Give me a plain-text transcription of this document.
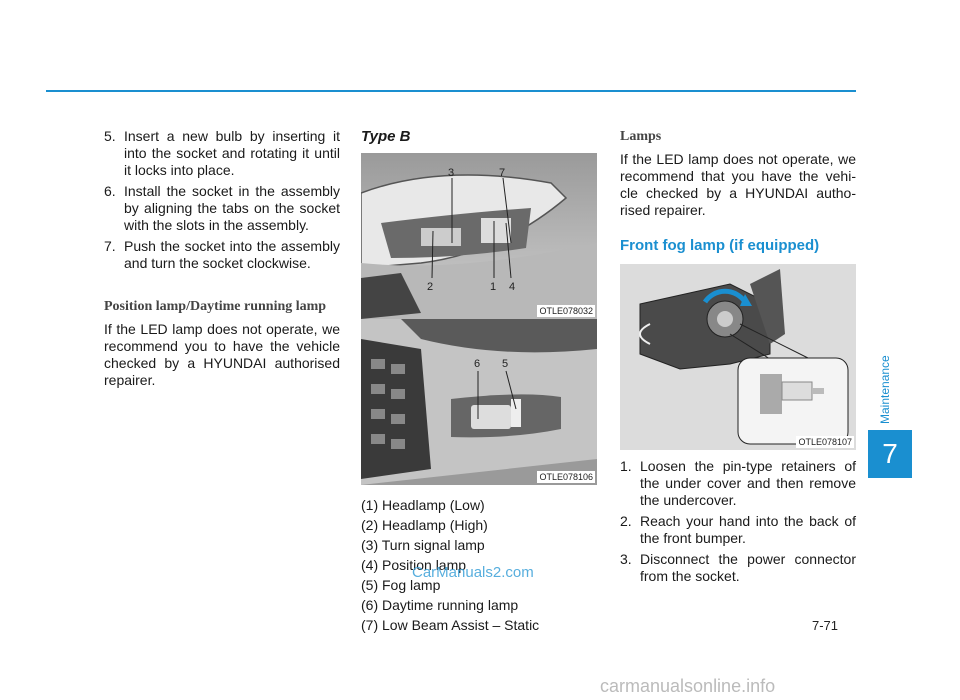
5. Insert a new bulb by inserting it into the socket and rotating it until it locks into place.
6. Install the socket in the assembly by aligning the tabs on the socket with the slots in the assembly.
7. Push the socket into the assembly and turn the socket clockwise.
Position lamp/Daytime running lamp

If the LED lamp does not operate, we recommend you to have the vehicle checked by a HYUNDAI authorised repairer.

Type B
3	7
2	1 4
OTLE078032
6 5
OTLE078106
(1) Headlamp (Low)
(2) Headlamp (High)
(3) Turn signal lamp
(4) Position lamp
(5) Fog lamp
(6) Daytime running lamp
(7) Low Beam Assist – Static
Lamps

If the LED lamp does not operate, we recommend that you have the vehi-cle checked by a HYUNDAI autho-rised repairer.

Front fog lamp (if equipped)
OTLE078107
1. Loosen the pin-type retainers of the under cover and then remove the undercover.
2. Reach your hand into the back of the front bumper.
3. Disconnect the power connector from the socket.
Maintenance
7
7-71
CarManuals2.com
carmanualsonline.info
